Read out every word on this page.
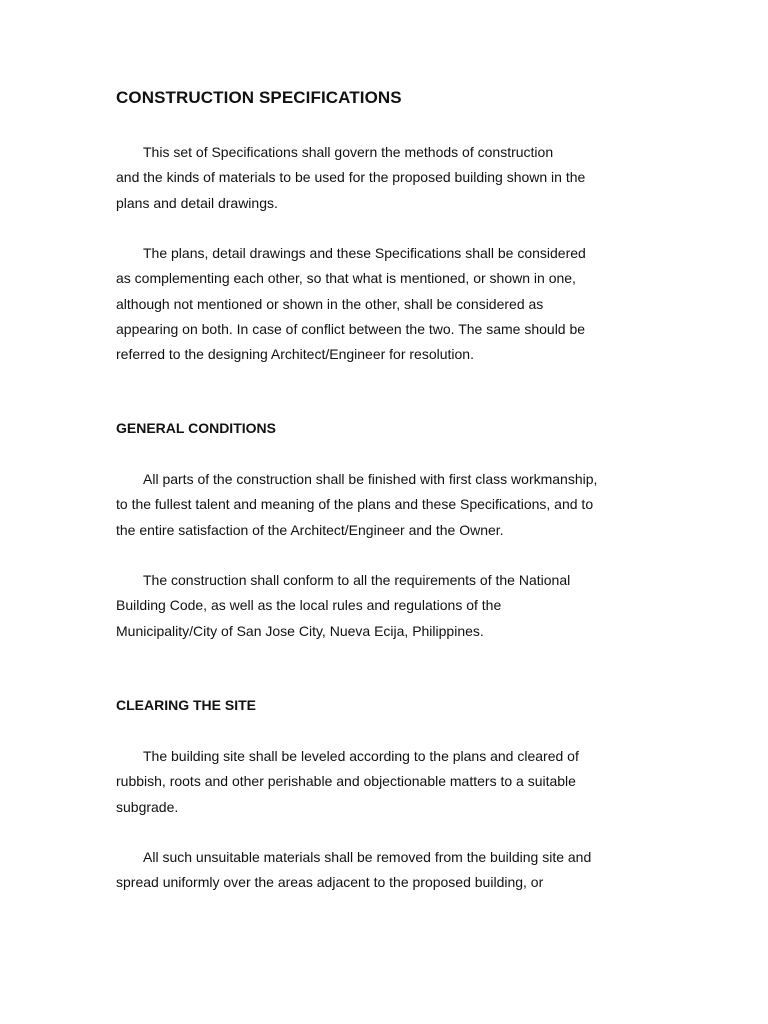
CONSTRUCTION SPECIFICATIONS

This set of Specifications shall govern the methods of construction
and the kinds of materials to be used for the proposed building shown in the
plans and detail drawings.

The plans, detail drawings and these Specifications shall be considered
as complementing each other, so that what is mentioned, or shown in one,
although not mentioned or shown in the other, shall be considered as
appearing on both. In case of conflict between the two. The same should be
referred to the designing Architect/Engineer for resolution.

GENERAL CONDITIONS

All parts of the construction shall be finished with first class workmanship,
to the fullest talent and meaning of the plans and these Specifications, and to
the entire satisfaction of the Architect/Engineer and the Owner.

The construction shall conform to all the requirements of the National
Building Code, as well as the local rules and regulations of the
Municipality/City of San Jose City, Nueva Ecija, Philippines.

CLEARING THE SITE

The building site shall be leveled according to the plans and cleared of
rubbish, roots and other perishable and objectionable matters to a suitable
subgrade.

All such unsuitable materials shall be removed from the building site and
spread uniformly over the areas adjacent to the proposed building, or
